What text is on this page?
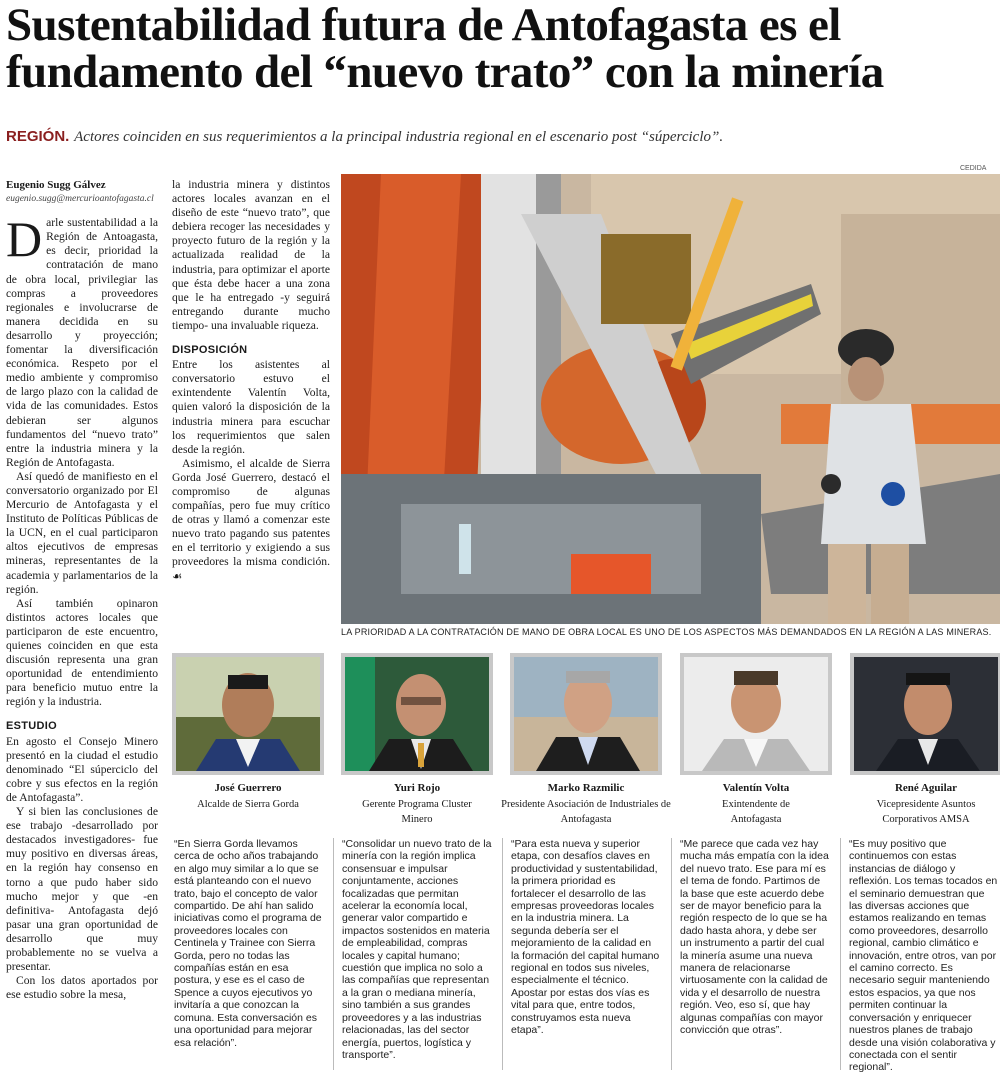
Sustentabilidad futura de Antofagasta es el fundamento del “nuevo trato” con la minería
REGIÓN. Actores coinciden en sus requerimientos a la principal industria regional en el escenario post “súperciclo”.
Eugenio Sugg Gálvez
eugenio.sugg@mercurioantofagasta.cl

Darle sustentabilidad a la Región de Antoagasta, es decir, prioridad la contratación de mano de obra local, privilegiar las compras a proveedores regionales e involucrarse de manera decidida en su desarrollo y proyección; fomentar la diversificación económica. Respeto por el medio ambiente y compromiso de largo plazo con la calidad de vida de las comunidades. Estos debieran ser algunos fundamentos del “nuevo trato” entre la industria minera y la Región de Antofagasta.

Así quedó de manifiesto en el conversatorio organizado por El Mercurio de Antofagasta y el Instituto de Políticas Públicas de la UCN, en el cual participaron altos ejecutivos de empresas mineras, representantes de la academia y parlamentarios de la región.

Así también opinaron distintos actores locales que participaron de este encuentro, quienes coinciden en que esta discusión representa una gran oportunidad de entendimiento para beneficio mutuo entre la región y la industria.

ESTUDIO

En agosto el Consejo Minero presentó en la ciudad el estudio denominado “El súperciclo del cobre y sus efectos en la región de Antofagasta”.

Y si bien las conclusiones de ese trabajo -desarrollado por destacados investigadores- fue muy positivo en diversas áreas, en la región hay consenso en torno a que pudo haber sido mucho mejor y que -en definitiva- Antofagasta dejó pasar una gran oportunidad de desarrollo que muy probablemente no se vuelva a presentar.

Con los datos aportados por ese estudio sobre la mesa,

la industria minera y distintos actores locales avanzan en el diseño de este “nuevo trato”, que debiera recoger las necesidades y proyecto futuro de la región y la actualizada realidad de la industria, para optimizar el aporte que ésta debe hacer a una zona que le ha entregado -y seguirá entregando durante mucho tiempo- una invaluable riqueza.

DISPOSICIÓN

Entre los asistentes al conversatorio estuvo el exintendente Valentín Volta, quien valoró la disposición de la industria minera para escuchar los requerimientos que salen desde la región.

Asimismo, el alcalde de Sierra Gorda José Guerrero, destacó el compromiso de algunas compañías, pero fue muy crítico de otras y llamó a comenzar este nuevo trato pagando sus patentes en el territorio y exigiendo a sus proveedores la misma condición. ☙

CEDIDA
LA PRIORIDAD A LA CONTRATACIÓN DE MANO DE OBRA LOCAL ES UNO DE LOS ASPECTOS MÁS DEMANDADOS EN LA REGIÓN A LAS MINERAS.
José Guerrero
Alcalde de Sierra Gorda
Yuri Rojo
Gerente Programa Cluster Minero
Marko Razmilic
Presidente Asociación de Industriales de Antofagasta
Valentín Volta
Exintendente de Antofagasta
René Aguilar
Vicepresidente Asuntos Corporativos AMSA
“En Sierra Gorda llevamos cerca de ocho años trabajando en algo muy similar a lo que se está planteando con el nuevo trato, bajo el concepto de valor compartido. De ahí han salido iniciativas como el programa de proveedores locales con Centinela y Trainee con Sierra Gorda, pero no todas las compañías están en esa postura, y ese es el caso de Spence a cuyos ejecutivos yo invitaría a que conozcan la comuna. Esta conversación es una oportunidad para mejorar esa relación”.
“Consolidar un nuevo trato de la minería con la región implica consensuar e impulsar conjuntamente, acciones focalizadas que permitan acelerar la economía local, generar valor compartido e impactos sostenidos en materia de empleabilidad, compras locales y capital humano; cuestión que implica no solo a las compañías que representan a la gran o mediana minería, sino también a sus grandes proveedores y a las industrias relacionadas, las del sector energía, puertos, logística y transporte”.
“Para esta nueva y superior etapa, con desafíos claves en productividad y sustentabilidad, la primera prioridad es fortalecer el desarrollo de las empresas proveedoras locales en la industria minera. La segunda debería ser el mejoramiento de la calidad en la formación del capital humano regional en todos sus niveles, especialmente el técnico. Apostar por estas dos vías es vital para que, entre todos, construyamos esta nueva etapa”.
“Me parece que cada vez hay mucha más empatía con la idea del nuevo trato. Ese para mí es el tema de fondo. Partimos de la base que este acuerdo debe ser de mayor beneficio para la región respecto de lo que se ha dado hasta ahora, y debe ser un instrumento a partir del cual la minería asume una nueva manera de relacionarse virtuosamente con la calidad de vida y el desarrollo de nuestra región. Veo, eso sí, que hay algunas compañías con mayor convicción que otras”.
“Es muy positivo que continuemos con estas instancias de diálogo y reflexión. Los temas tocados en el seminario demuestran que las diversas acciones que estamos realizando en temas como proveedores, desarrollo regional, cambio climático e innovación, entre otros, van por el camino correcto. Es necesario seguir manteniendo estos espacios, ya que nos permiten continuar la conversación y enriquecer nuestros planes de trabajo desde una visión colaborativa y conectada con el sentir regional”.
